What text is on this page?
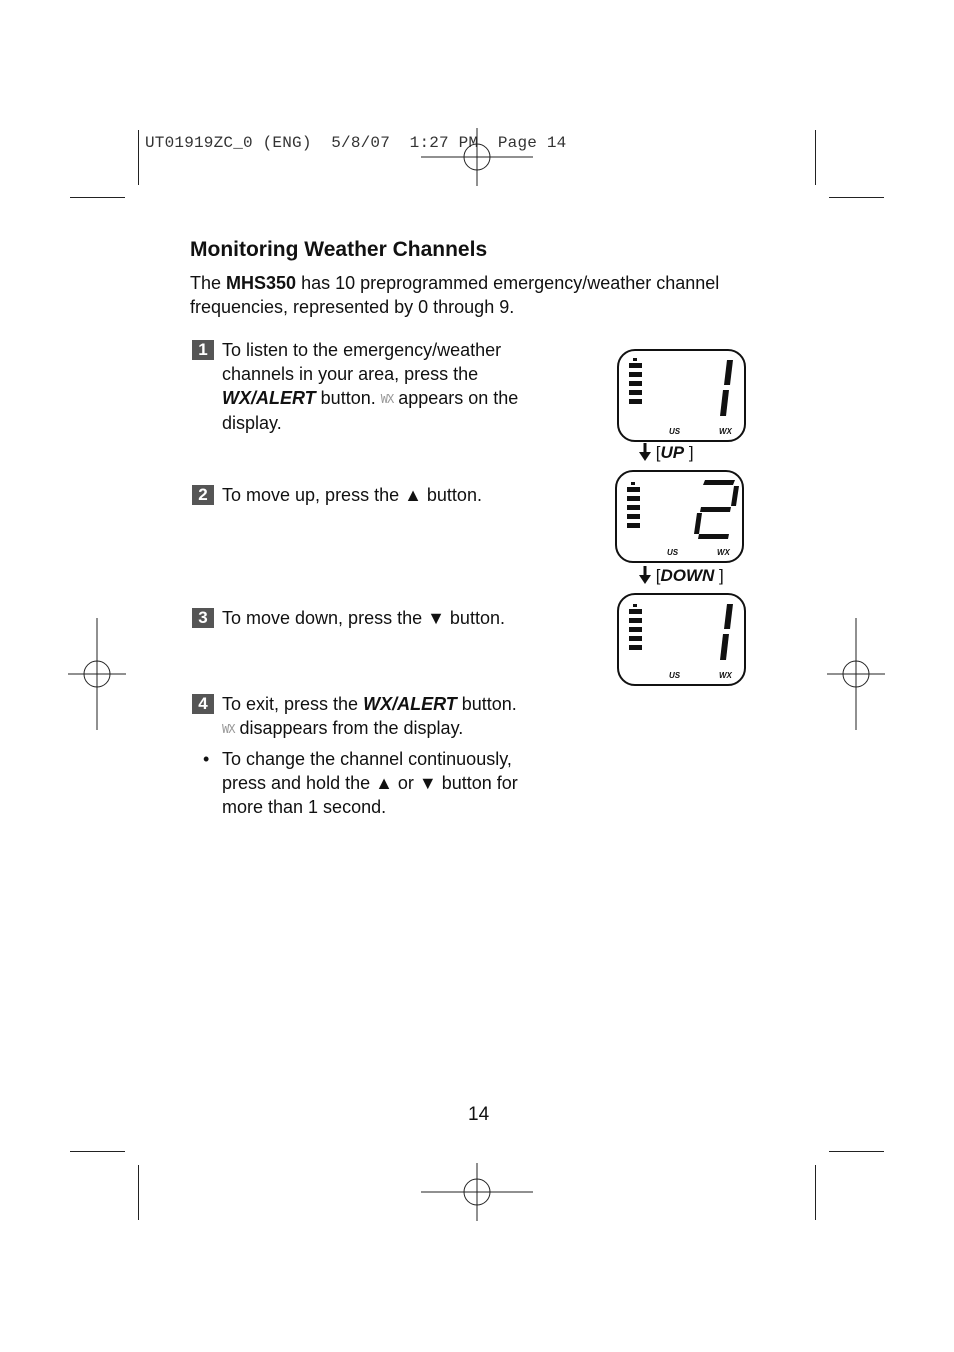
UT01919ZC_0 (ENG)  5/8/07  1:27 PM  Page 14
Monitoring Weather Channels

The MHS350 has 10 preprogrammed emergency/weather channel frequencies, represented by 0 through 9.

1 To listen to the emergency/weather channels in your area, press the WX/ALERT button. WX appears on the display.
2 To move up, press the ▲ button.
3 To move down, press the ▼ button.
4 To exit, press the WX/ALERT button.
WX disappears from the display.
• To change the channel continuously, press and hold the ▲ or ▼ button for more than 1 second.
US	WX
[UP ]
US	WX
[DOWN ]
US	WX
14
